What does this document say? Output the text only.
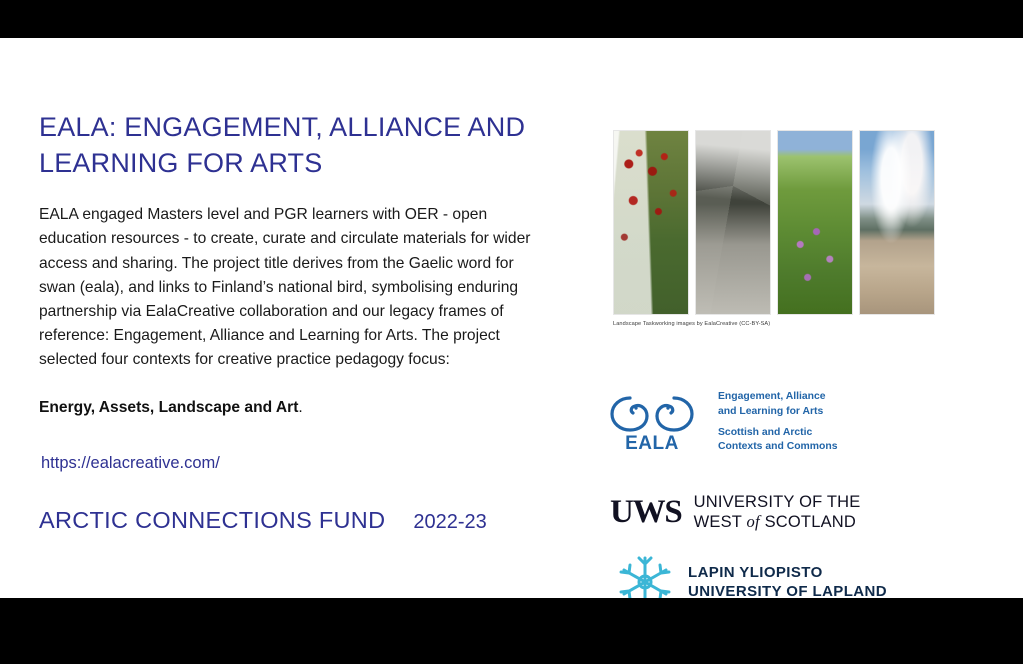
EALA: ENGAGEMENT, ALLIANCE AND LEARNING FOR ARTS

EALA engaged Masters level and PGR learners with OER - open education resources - to create, curate and circulate materials for wider access and sharing. The project title derives from the Gaelic word for swan (eala), and links to Finland’s national bird, symbolising enduring partnership via EalaCreative collaboration and our legacy frames of reference: Engagement, Alliance and Learning for Arts. The project selected four contexts for creative practice pedagogy focus:

Energy, Assets, Landscape and Art.

https://ealacreative.com/
ARCTIC CONNECTIONS FUND 2022-23
Landscape Taskworking images by EalaCreative (CC-BY-SA)
EALA
Engagement, Alliance
and Learning for Arts
Scottish and Arctic
Contexts and Commons
UWS UNIVERSITY OF THE
WEST of SCOTLAND
LAPIN YLIOPISTO
UNIVERSITY OF LAPLAND
